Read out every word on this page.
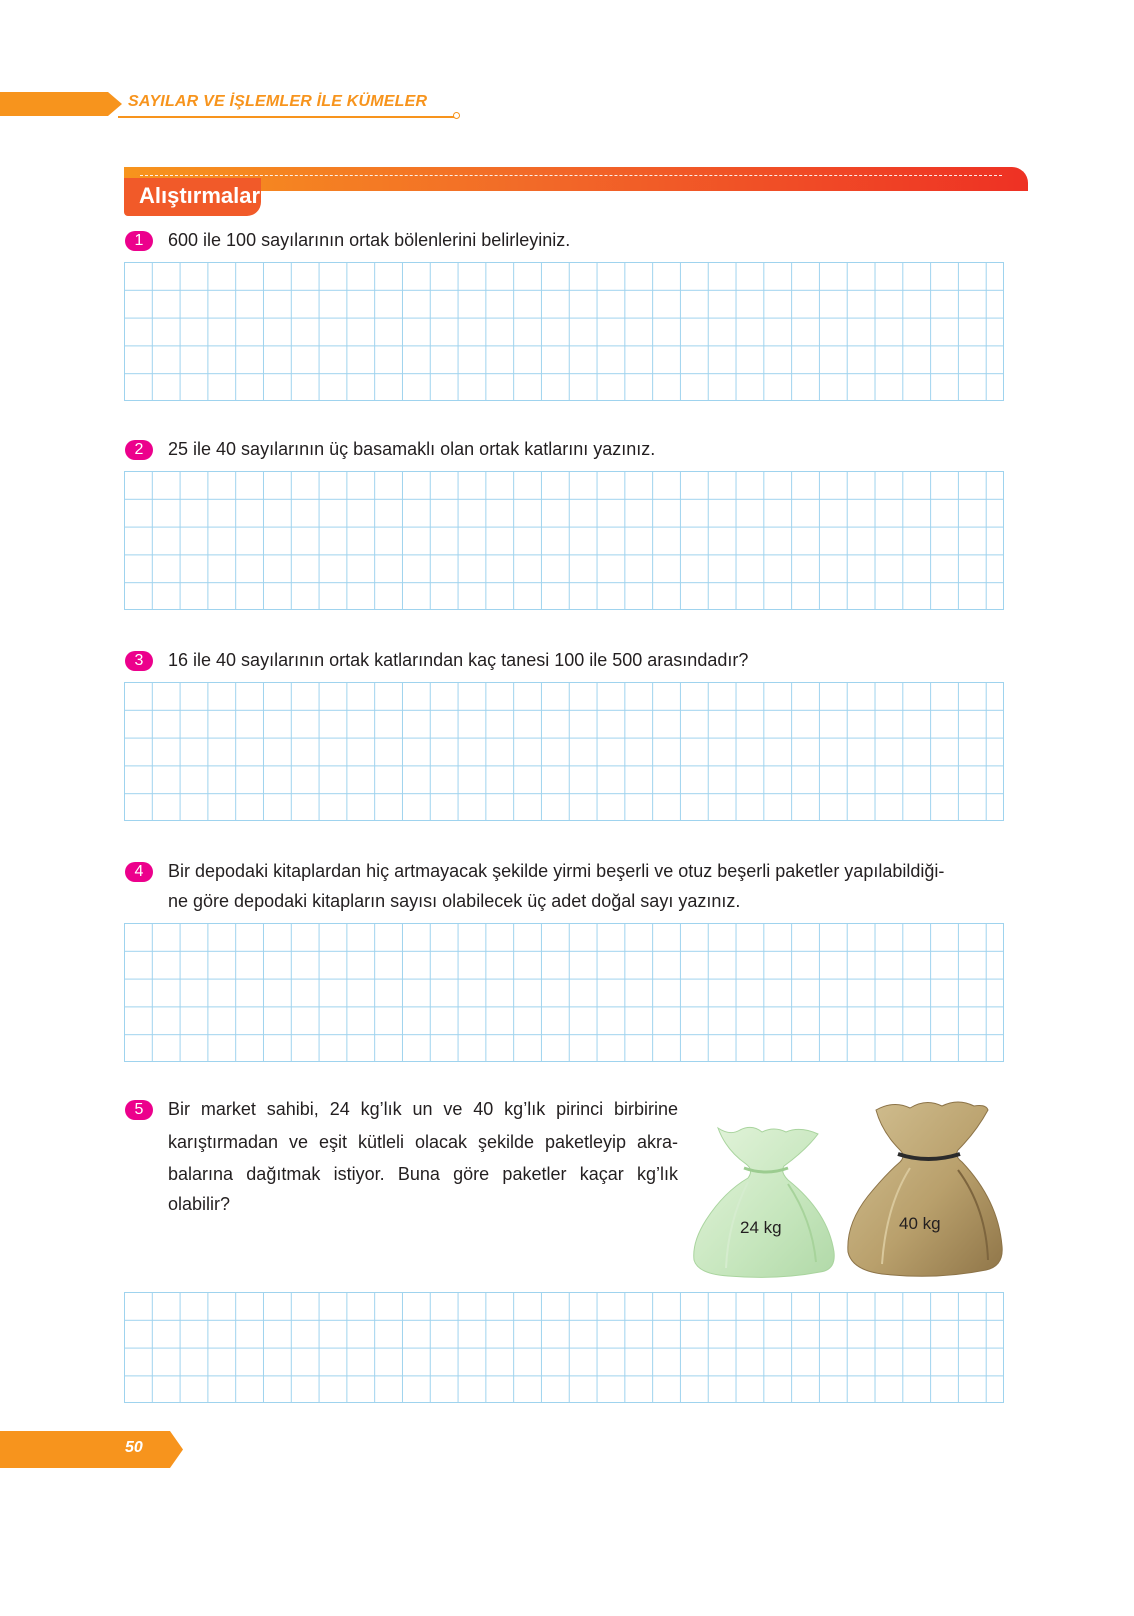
SAYILAR VE İŞLEMLER İLE KÜMELER
Alıştırmalar
1	600 ile 100 sayılarının ortak bölenlerini belirleyiniz.
2	25 ile 40 sayılarının üç basamaklı olan ortak katlarını yazınız.
3	16 ile 40 sayılarının ortak katlarından kaç tanesi 100 ile 500 arasındadır?
4	Bir depodaki kitaplardan hiç artmayacak şekilde yirmi beşerli ve otuz beşerli paketler yapılabildiği-
ne göre depodaki kitapların sayısı olabilecek üç adet doğal sayı yazınız.
5	Bir market sahibi, 24 kg’lık un ve 40 kg’lık pirinci birbirine
karıştırmadan ve eşit kütleli olacak şekilde paketleyip akra-
balarına dağıtmak istiyor. Buna göre paketler kaçar kg’lık
olabilir?
24 kg	40 kg
50
